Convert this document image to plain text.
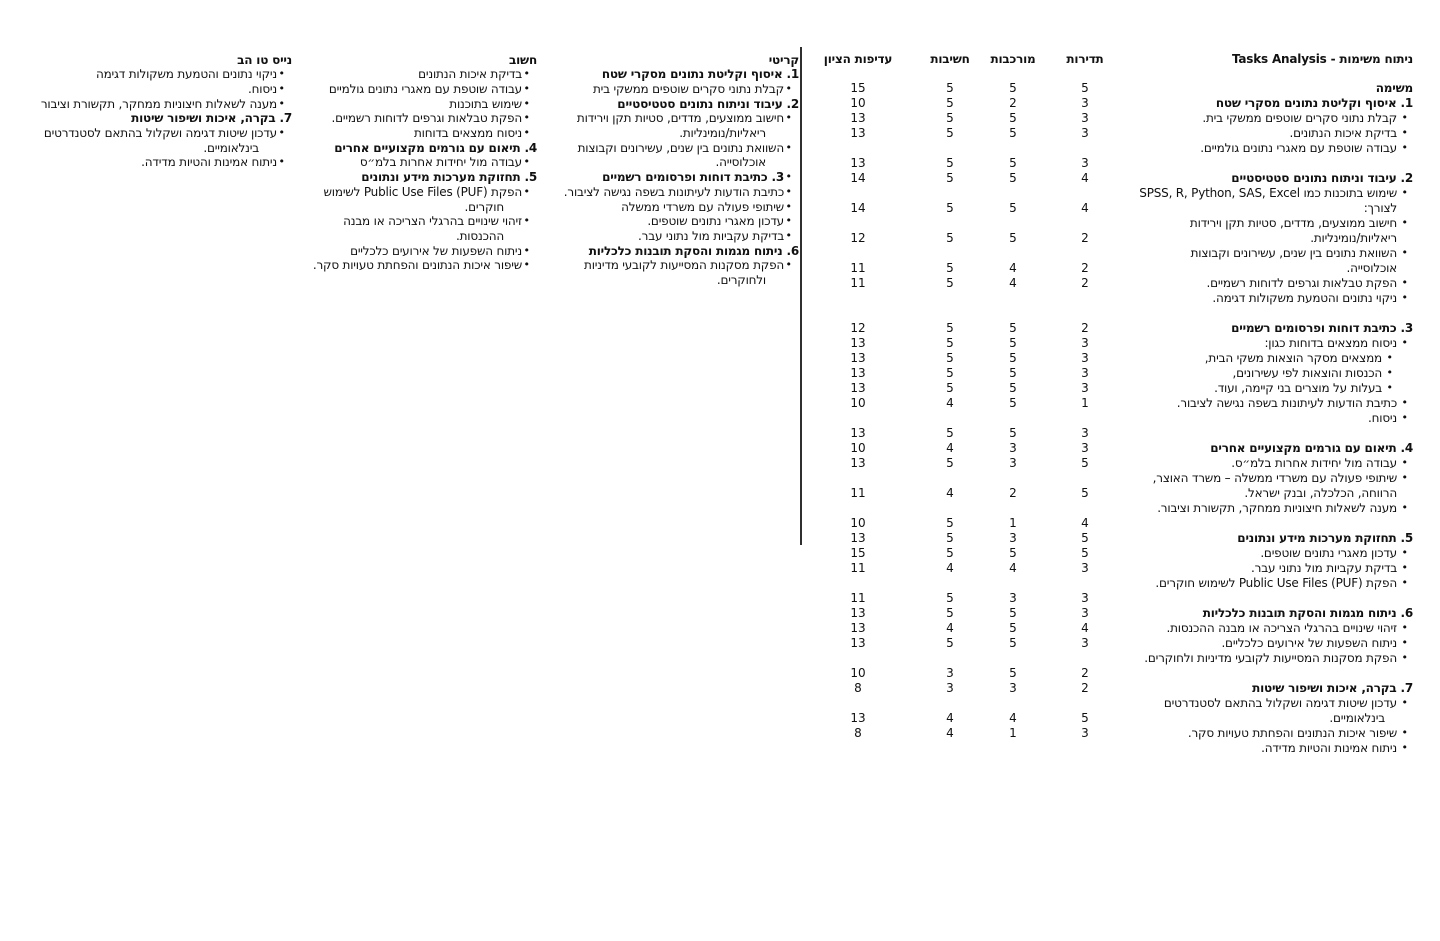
ניתוח משימות - Tasks Analysis
תדירות
מורכבות
חשיבות
עדיפות הציון
משימה
5
5
5
15
1. איסוף וקליטת נתונים מסקרי שטח
3
2
5
10
•
קבלת נתוני סקרים שוטפים ממשקי בית.
3
5
5
13
•
בדיקת איכות הנתונים.
3
5
5
13
•
עבודה שוטפת עם מאגרי נתונים גולמיים.
3
5
5
13
2. עיבוד וניתוח נתונים סטטיסטיים
4
5
5
14
•
שימוש בתוכנות כמו SPSS, R, Python, SAS, Excel
לצורך:
4
5
5
14
•
חישוב ממוצעים, מדדים, סטיות תקן וירידות
ריאליות/נומינליות.
2
5
5
12
•
השוואת נתונים בין שנים, עשירונים וקבוצות
אוכלוסייה.
2
4
5
11
•
הפקת טבלאות וגרפים לדוחות רשמיים.
2
4
5
11
•
ניקוי נתונים והטמעת משקולות דגימה.
3. כתיבת דוחות ופרסומים רשמיים
2
5
5
12
•
ניסוח ממצאים בדוחות כגון:
3
5
5
13
•
ממצאים מסקר הוצאות משקי הבית,
3
5
5
13
•
הכנסות והוצאות לפי עשירונים,
3
5
5
13
•
בעלות על מוצרים בני קיימה, ועוד.
3
5
5
13
•
כתיבת הודעות לעיתונות בשפה נגישה לציבור.
1
5
4
10
•
ניסוח.
3
5
5
13
4. תיאום עם גורמים מקצועיים אחרים
3
3
4
10
•
עבודה מול יחידות אחרות בלמ״ס.
5
3
5
13
•
שיתופי פעולה עם משרדי ממשלה – משרד האוצר,
הרווחה, הכלכלה, ובנק ישראל.
5
2
4
11
•
מענה לשאלות חיצוניות ממחקר, תקשורת וציבור.
4
1
5
10
5. תחזוקת מערכות מידע ונתונים
5
3
5
13
•
עדכון מאגרי נתונים שוטפים.
5
5
5
15
•
בדיקת עקביות מול נתוני עבר.
3
4
4
11
•
הפקת Public Use Files (PUF) לשימוש חוקרים.
3
3
5
11
6. ניתוח מגמות והסקת תובנות כלכליות
3
5
5
13
•
זיהוי שינויים בהרגלי הצריכה או מבנה ההכנסות.
4
5
4
13
•
ניתוח השפעות של אירועים כלכליים.
3
5
5
13
•
הפקת מסקנות המסייעות לקובעי מדיניות ולחוקרים.
2
5
3
10
7. בקרה, איכות ושיפור שיטות
2
3
3
8
•
עדכון שיטות דגימה ושקלול בהתאם לסטנדרטים
בינלאומיים.
5
4
4
13
•
שיפור איכות הנתונים והפחתת טעויות סקר.
3
1
4
8
•
ניתוח אמינות והטיות מדידה.
קריטי
1. איסוף וקליטת נתונים מסקרי שטח
•
קבלת נתוני סקרים שוטפים ממשקי בית
2. עיבוד וניתוח נתונים סטטיסטיים
•
חישוב ממוצעים, מדדים, סטיות תקן וירידות
ריאליות/נומינליות.
•
השוואת נתונים בין שנים, עשירונים וקבוצות
אוכלוסייה.
•
3. כתיבת דוחות ופרסומים רשמיים
•
כתיבת הודעות לעיתונות בשפה נגישה לציבור.
•
שיתופי פעולה עם משרדי ממשלה
•
עדכון מאגרי נתונים שוטפים.
•
בדיקת עקביות מול נתוני עבר.
6. ניתוח מגמות והסקת תובנות כלכליות
•
הפקת מסקנות המסייעות לקובעי מדיניות
ולחוקרים.
חשוב
•
בדיקת איכות הנתונים
•
עבודה שוטפת עם מאגרי נתונים גולמיים
•
שימוש בתוכנות
•
הפקת טבלאות וגרפים לדוחות רשמיים.
•
ניסוח ממצאים בדוחות
4. תיאום עם גורמים מקצועיים אחרים
•
עבודה מול יחידות אחרות בלמ״ס
5. תחזוקת מערכות מידע ונתונים
•
הפקת Public Use Files (PUF) לשימוש
חוקרים.
•
זיהוי שינויים בהרגלי הצריכה או מבנה
ההכנסות.
•
ניתוח השפעות של אירועים כלכליים
•
שיפור איכות הנתונים והפחתת טעויות סקר.
נייס טו הב
•
ניקוי נתונים והטמעת משקולות דגימה
•
ניסוח.
•
מענה לשאלות חיצוניות ממחקר, תקשורת וציבור
7. בקרה, איכות ושיפור שיטות
•
עדכון שיטות דגימה ושקלול בהתאם לסטנדרטים
בינלאומיים.
•
ניתוח אמינות והטיות מדידה.
